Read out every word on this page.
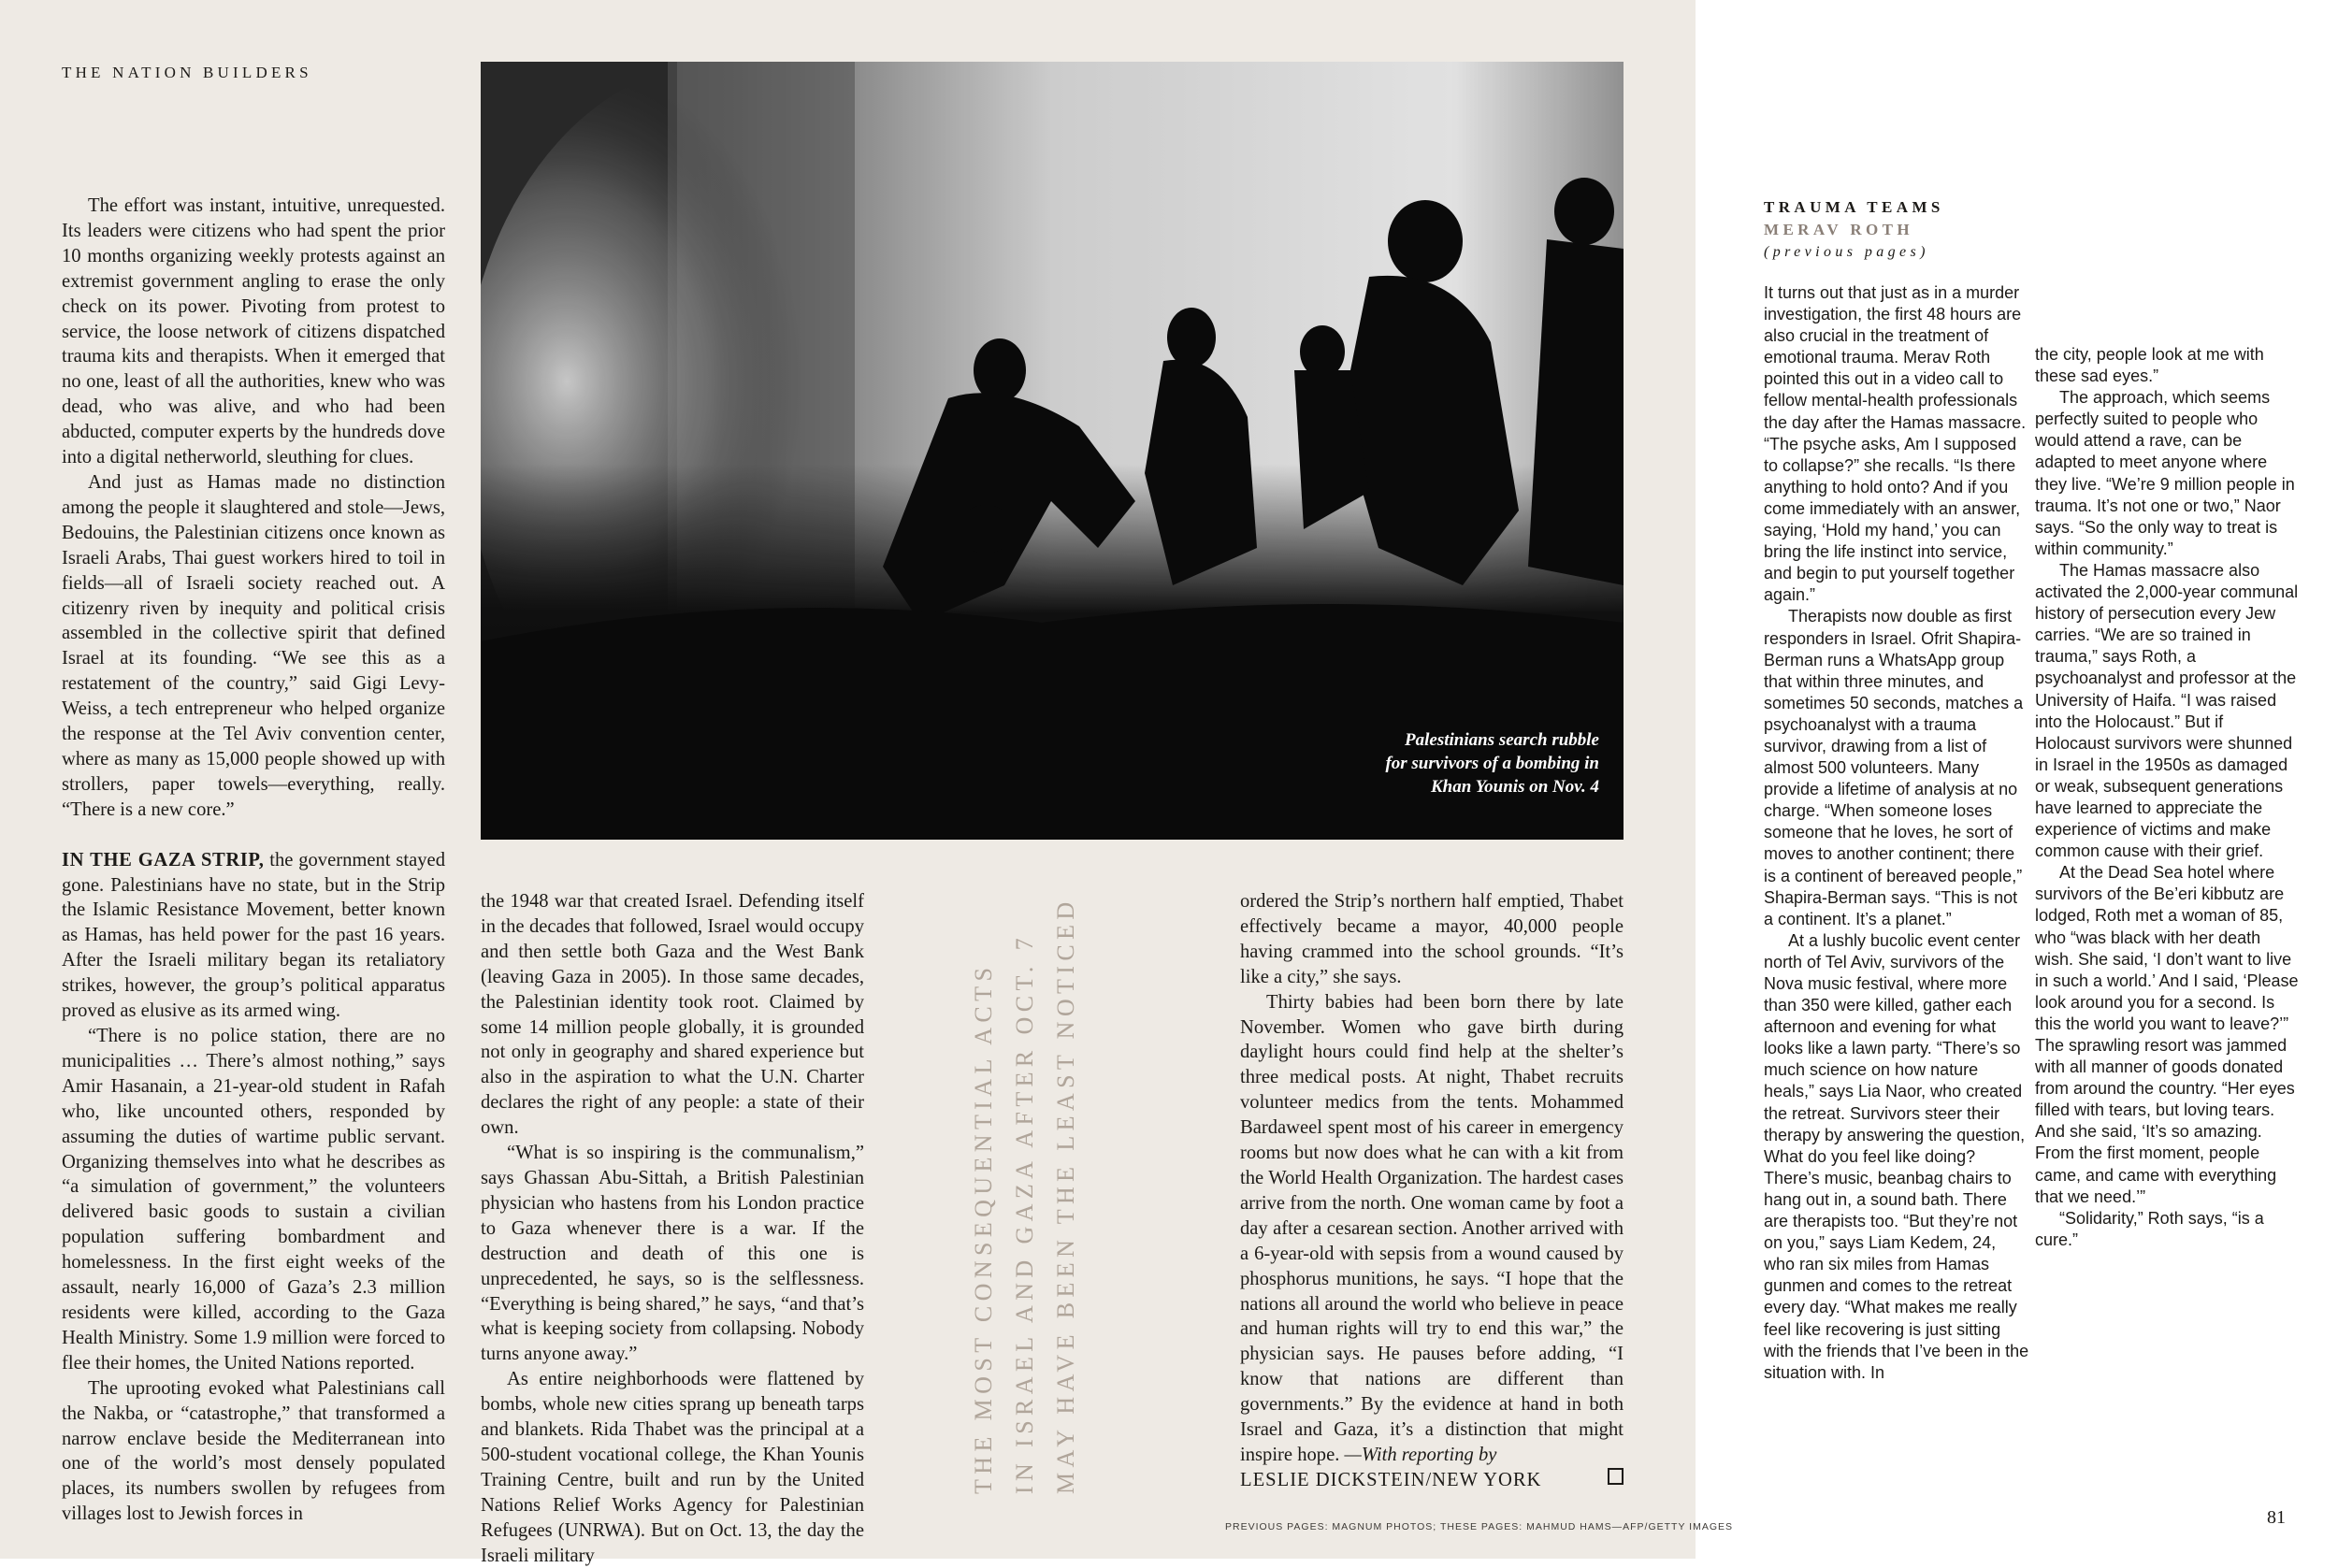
THE NATION BUILDERS

The effort was instant, intuitive, unrequested. Its leaders were citizens who had spent the prior 10 months organizing weekly protests against an extremist government angling to erase the only check on its power. Pivoting from protest to service, the loose network of citizens dispatched trauma kits and therapists. When it emerged that no one, least of all the authorities, knew who was dead, who was alive, and who had been abducted, computer experts by the hundreds dove into a digital netherworld, sleuthing for clues.

And just as Hamas made no distinction among the people it slaughtered and stole—Jews, Bedouins, the Palestinian citizens once known as Israeli Arabs, Thai guest workers hired to toil in fields—all of Israeli society reached out. A citizenry riven by inequity and political crisis assembled in the collective spirit that defined Israel at its founding. “We see this as a restatement of the country,” said Gigi Levy-Weiss, a tech entrepreneur who helped organize the response at the Tel Aviv convention center, where as many as 15,000 people showed up with strollers, paper towels—everything, really. “There is a new core.”

IN THE GAZA STRIP, the government stayed gone. Palestinians have no state, but in the Strip the Islamic Resistance Movement, better known as Hamas, has held power for the past 16 years. After the Israeli military began its retaliatory strikes, however, the group’s political apparatus proved as elusive as its armed wing.

“There is no police station, there are no municipalities … There’s almost nothing,” says Amir Hasanain, a 21-year-old student in Rafah who, like uncounted others, responded by assuming the duties of wartime public servant. Organizing themselves into what he describes as “a simulation of government,” the volunteers delivered basic goods to sustain a civilian population suffering bombardment and homelessness. In the first eight weeks of the assault, nearly 16,000 of Gaza’s 2.3 million residents were killed, according to the Gaza Health Ministry. Some 1.9 million were forced to flee their homes, the United Nations reported.

The uprooting evoked what Palestinians call the Nakba, or “catastrophe,” that transformed a narrow enclave beside the Mediterranean into one of the world’s most densely populated places, its numbers swollen by refugees from villages lost to Jewish forces in

Palestinians search rubble
for survivors of a bombing in
Khan Younis on Nov. 4

the 1948 war that created Israel. Defending itself in the decades that followed, Israel would occupy and then settle both Gaza and the West Bank (leaving Gaza in 2005). In those same decades, the Palestinian identity took root. Claimed by some 14 million people globally, it is grounded not only in geography and shared experience but also in the aspiration to what the U.N. Charter declares the right of any people: a state of their own.

“What is so inspiring is the communalism,” says Ghassan Abu-Sittah, a British Palestinian physician who hastens from his London practice to Gaza whenever there is a war. If the destruction and death of this one is unprecedented, he says, so is the selflessness. “Everything is being shared,” he says, “and that’s what is keeping society from collapsing. Nobody turns anyone away.”

As entire neighborhoods were flattened by bombs, whole new cities sprang up beneath tarps and blankets. Rida Thabet was the principal at a 500-student vocational college, the Khan Younis Training Centre, built and run by the United Nations Relief Works Agency for Palestinian Refugees (UNRWA). But on Oct. 13, the day the Israeli military

THE MOST CONSEQUENTIAL ACTS IN ISRAEL AND GAZA AFTER OCT. 7 MAY HAVE BEEN THE LEAST NOTICED	ordered the Strip’s northern half emptied, Thabet effectively became a mayor, 40,000 people having crammed into the school grounds. “It’s like a city,” she says.

Thirty babies had been born there by late November. Women who gave birth during daylight hours could find help at the shelter’s three medical posts. At night, Thabet recruits volunteer medics from the tents. Mohammed Bardaweel spent most of his career in emergency rooms but now does what he can with a kit from the World Health Organization. The hardest cases arrive from the north. One woman came by foot a day after a cesarean section. Another arrived with a 6-year-old with sepsis from a wound caused by phosphorus munitions, he says. “I hope that the nations all around the world who believe in peace and human rights will try to end this war,” the physician says. He pauses before adding, “I know that nations are different than governments.” By the evidence at hand in both Israel and Gaza, it’s a distinction that might inspire hope. —With reporting by
LESLIE DICKSTEIN/NEW YORK

PREVIOUS PAGES: MAGNUM PHOTOS; THESE PAGES: MAHMUD HAMS—AFP/GETTY IMAGES
TRAUMA TEAMS
MERAV ROTH
(previous pages)

It turns out that just as in a murder investigation, the first 48 hours are also crucial in the treatment of emotional trauma. Merav Roth pointed this out in a video call to fellow mental-health professionals the day after the Hamas massacre. “The psyche asks, Am I supposed to collapse?” she recalls. “Is there anything to hold onto? And if you come immediately with an answer, saying, ‘Hold my hand,’ you can bring the life instinct into service, and begin to put yourself together again.”

Therapists now double as first responders in Israel. Ofrit Shapira-Berman runs a WhatsApp group that within three minutes, and sometimes 50 seconds, matches a psychoanalyst with a trauma survivor, drawing from a list of almost 500 volunteers. Many provide a lifetime of analysis at no charge. “When someone loses someone that he loves, he sort of moves to another continent; there is a continent of bereaved people,” Shapira-Berman says. “This is not a continent. It’s a planet.”

At a lushly bucolic event center north of Tel Aviv, survivors of the Nova music festival, where more than 350 were killed, gather each afternoon and evening for what looks like a lawn party. “There’s so much science on how nature heals,” says Lia Naor, who created the retreat. Survivors steer their therapy by answering the question, What do you feel like doing? There’s music, beanbag chairs to hang out in, a sound bath. There are therapists too. “But they’re not on you,” says Liam Kedem, 24, who ran six miles from Hamas gunmen and comes to the retreat every day. “What makes me really feel like recovering is just sitting with the friends that I’ve been in the situation with. In

the city, people look at me with these sad eyes.”

The approach, which seems perfectly suited to people who would attend a rave, can be adapted to meet anyone where they live. “We’re 9 million people in trauma. It’s not one or two,” Naor says. “So the only way to treat is within community.”

The Hamas massacre also activated the 2,000-year communal history of persecution every Jew carries. “We are so trained in trauma,” says Roth, a psychoanalyst and professor at the University of Haifa. “I was raised into the Holocaust.” But if Holocaust survivors were shunned in Israel in the 1950s as damaged or weak, subsequent generations have learned to appreciate the experience of victims and make common cause with their grief.

At the Dead Sea hotel where survivors of the Be’eri kibbutz are lodged, Roth met a woman of 85, who “was black with her death wish. She said, ‘I don’t want to live in such a world.’ And I said, ‘Please look around you for a second. Is this the world you want to leave?’” The sprawling resort was jammed with all manner of goods donated from around the country. “Her eyes filled with tears, but loving tears. And she said, ‘It’s so amazing. From the first moment, people came, and came with everything that we need.’”

“Solidarity,” Roth says, “is a cure.”

81
